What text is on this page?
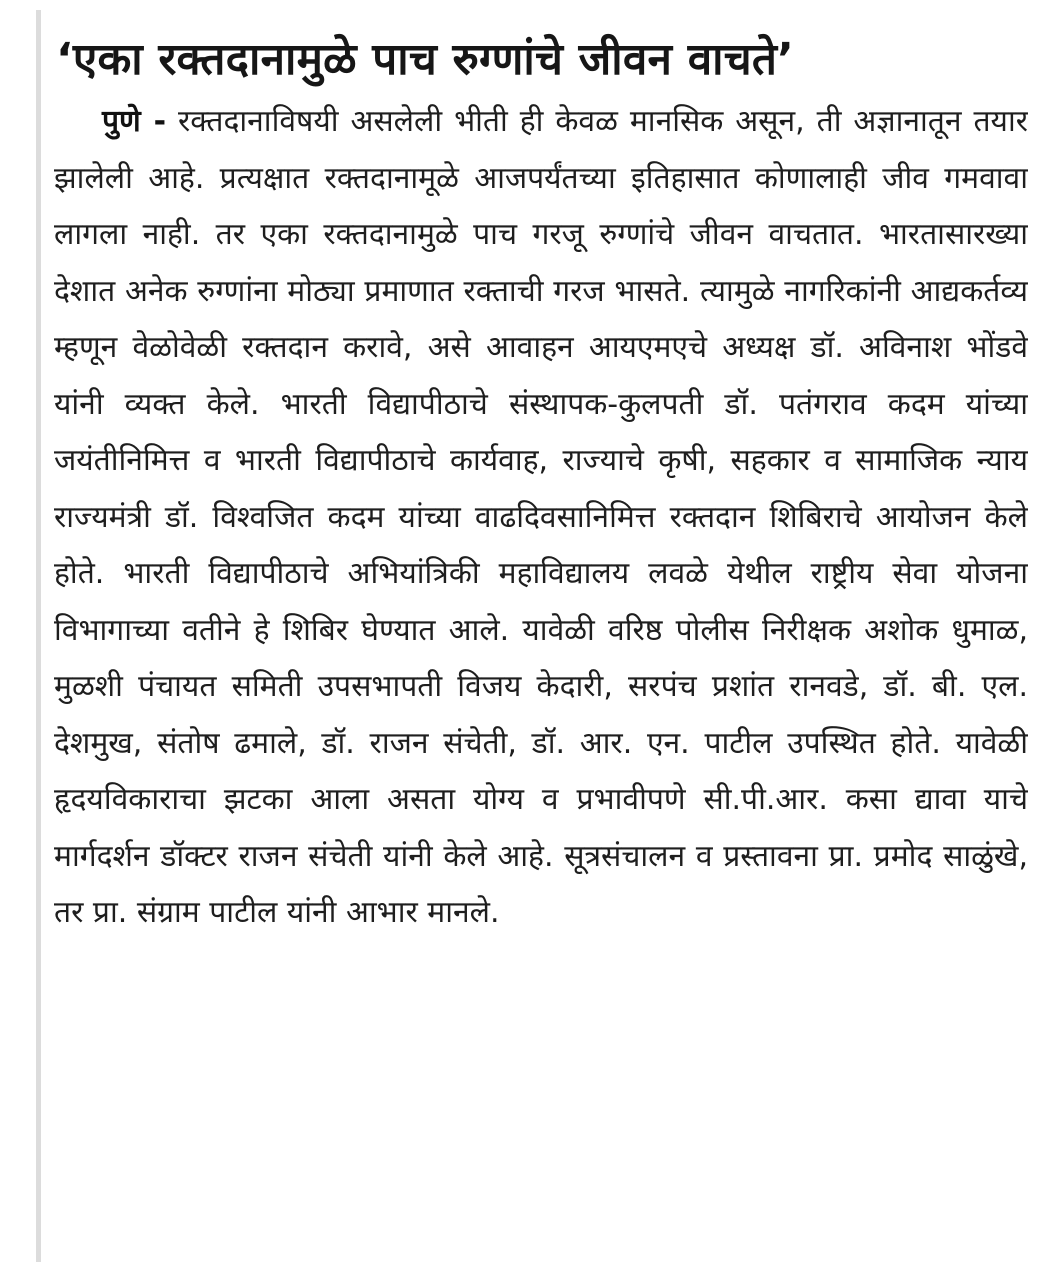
‘एका रक्तदानामुळे पाच रुग्णांचे जीवन वाचते’
पुणे - रक्तदानाविषयी असलेली भीती ही केवळ मानसिक असून, ती अज्ञानातून तयार झालेली आहे. प्रत्यक्षात रक्तदानामूळे आजपर्यंतच्या इतिहासात कोणालाही जीव गमवावा लागला नाही. तर एका रक्तदानामुळे पाच गरजू रुग्णांचे जीवन वाचतात. भारतासारख्या देशात अनेक रुग्णांना मोठ्या प्रमाणात रक्ताची गरज भासते. त्यामुळे नागरिकांनी आद्यकर्तव्य म्हणून वेळोवेळी रक्तदान करावे, असे आवाहन आयएमएचे अध्यक्ष डॉ. अविनाश भोंडवे यांनी व्यक्त केले. भारती विद्यापीठाचे संस्थापक-कुलपती डॉ. पतंगराव कदम यांच्या जयंतीनिमित्त व भारती विद्यापीठाचे कार्यवाह, राज्याचे कृषी, सहकार व सामाजिक न्याय राज्यमंत्री डॉ. विश्वजित कदम यांच्या वाढदिवसानिमित्त रक्तदान शिबिराचे आयोजन केले होते. भारती विद्यापीठाचे अभियांत्रिकी महाविद्यालय लवळे येथील राष्ट्रीय सेवा योजना विभागाच्या वतीने हे शिबिर घेण्यात आले. यावेळी वरिष्ठ पोलीस निरीक्षक अशोक धुमाळ, मुळशी पंचायत समिती उपसभापती विजय केदारी, सरपंच प्रशांत रानवडे, डॉ. बी. एल. देशमुख, संतोष ढमाले, डॉ. राजन संचेती, डॉ. आर. एन. पाटील उपस्थित होते. यावेळी हृदयविकाराचा झटका आला असता योग्य व प्रभावीपणे सी.पी.आर. कसा द्यावा याचे मार्गदर्शन डॉक्टर राजन संचेती यांनी केले आहे. सूत्रसंचालन व प्रस्तावना प्रा. प्रमोद साळुंखे, तर प्रा. संग्राम पाटील यांनी आभार मानले.
